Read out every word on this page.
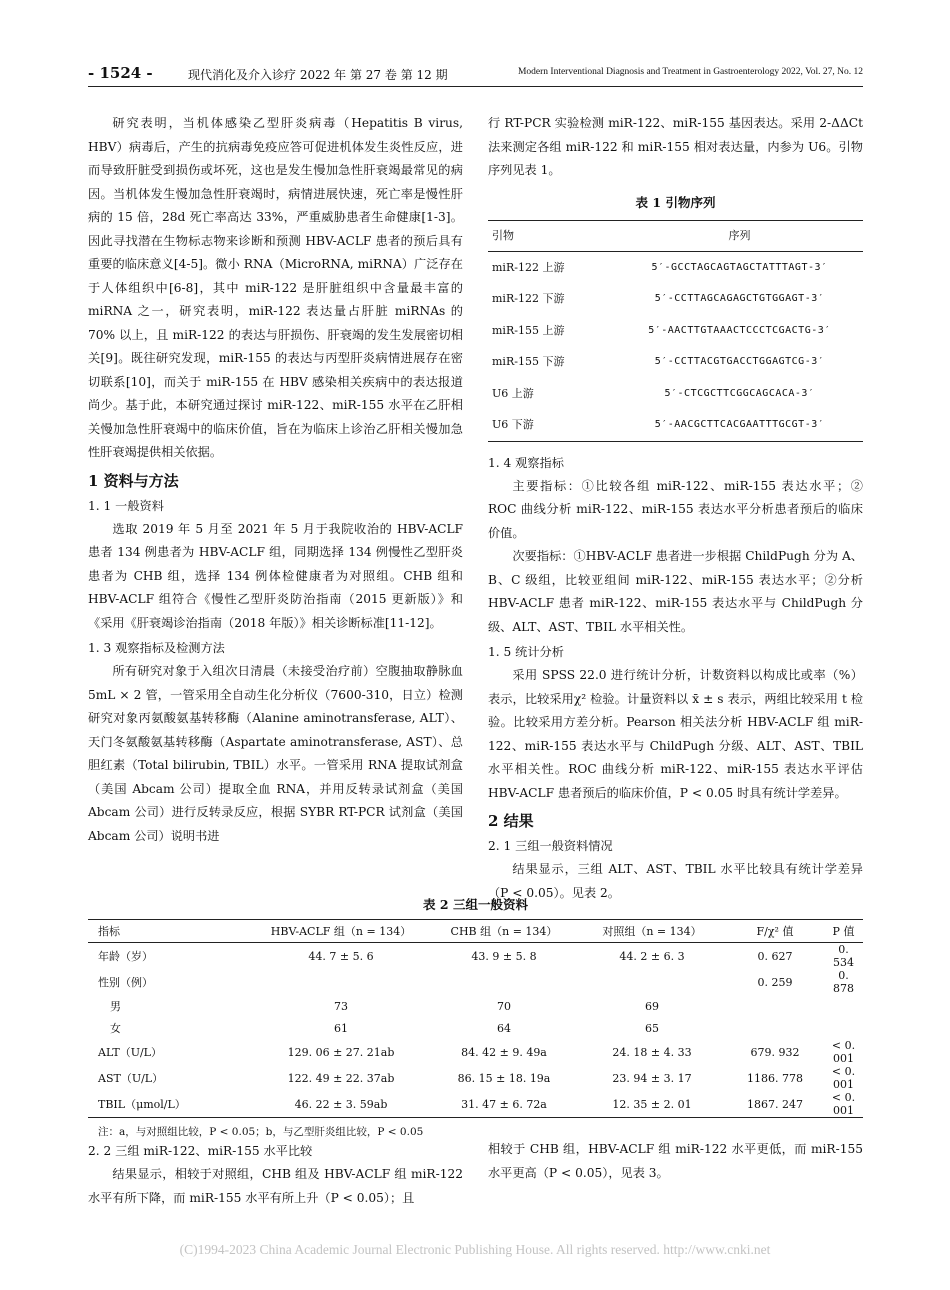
- 1524 -	现代消化及介入诊疗 2022 年 第 27 卷 第 12 期	Modern Interventional Diagnosis and Treatment in Gastroenterology 2022, Vol. 27, No. 12

研究表明，当机体感染乙型肝炎病毒（Hepatitis B virus, HBV）病毒后，产生的抗病毒免疫应答可促进机体发生炎性反应，进而导致肝脏受到损伤或坏死，这也是发生慢加急性肝衰竭最常见的病因。当机体发生慢加急性肝衰竭时，病情进展快速，死亡率是慢性肝病的 15 倍，28d 死亡率高达 33%，严重威胁患者生命健康[1-3]。因此寻找潜在生物标志物来诊断和预测 HBV-ACLF 患者的预后具有重要的临床意义[4-5]。微小 RNA（MicroRNA, miRNA）广泛存在于人体组织中[6-8]，其中 miR-122 是肝脏组织中含量最丰富的 miRNA 之一，研究表明，miR-122 表达量占肝脏 miRNAs 的 70% 以上，且 miR-122 的表达与肝损伤、肝衰竭的发生发展密切相关[9]。既往研究发现，miR-155 的表达与丙型肝炎病情进展存在密切联系[10]，而关于 miR-155 在 HBV 感染相关疾病中的表达报道尚少。基于此，本研究通过探讨 miR-122、miR-155 水平在乙肝相关慢加急性肝衰竭中的临床价值，旨在为临床上诊治乙肝相关慢加急性肝衰竭提供相关依据。

1 资料与方法
1. 1 一般资料

选取 2019 年 5 月至 2021 年 5 月于我院收治的 HBV-ACLF 患者 134 例患者为 HBV-ACLF 组，同期选择 134 例慢性乙型肝炎患者为 CHB 组，选择 134 例体检健康者为对照组。CHB 组和 HBV-ACLF 组符合《慢性乙型肝炎防治指南（2015 更新版）》和《采用《肝衰竭诊治指南（2018 年版）》相关诊断标准[11-12]。

1. 3 观察指标及检测方法

所有研究对象于入组次日清晨（未接受治疗前）空腹抽取静脉血 5mL × 2 管，一管采用全自动生化分析仪（7600-310，日立）检测研究对象丙氨酸氨基转移酶（Alanine aminotransferase, ALT）、天门冬氨酸氨基转移酶（Aspartate aminotransferase, AST）、总胆红素（Total bilirubin, TBIL）水平。一管采用 RNA 提取试剂盒（美国 Abcam 公司）提取全血 RNA，并用反转录试剂盒（美国 Abcam 公司）进行反转录反应，根据 SYBR RT-PCR 试剂盒（美国 Abcam 公司）说明书进

行 RT-PCR 实验检测 miR-122、miR-155 基因表达。采用 2-ΔΔCt 法来测定各组 miR-122 和 miR-155 相对表达量，内参为 U6。引物序列见表 1。

表 1 引物序列
引物	序列
miR-122 上游	5′-GCCTAGCAGTAGCTATTTAGT-3′
miR-122 下游	5′-CCTTAGCAGAGCTGTGGAGT-3′
miR-155 上游	5′-AACTTGTAAACTCCCTCGACTG-3′
miR-155 下游	5′-CCTTACGTGACCTGGAGTCG-3′
U6 上游	5′-CTCGCTTCGGCAGCACA-3′
U6 下游	5′-AACGCTTCACGAATTTGCGT-3′
1. 4 观察指标

主要指标：①比较各组 miR-122、miR-155 表达水平；② ROC 曲线分析 miR-122、miR-155 表达水平分析患者预后的临床价值。

次要指标：①HBV-ACLF 患者进一步根据 ChildPugh 分为 A、B、C 级组，比较亚组间 miR-122、miR-155 表达水平；②分析 HBV-ACLF 患者 miR-122、miR-155 表达水平与 ChildPugh 分级、ALT、AST、TBIL 水平相关性。

1. 5 统计分析

采用 SPSS 22.0 进行统计分析，计数资料以构成比或率（%）表示，比较采用χ² 检验。计量资料以 x̄ ± s 表示，两组比较采用 t 检验。比较采用方差分析。Pearson 相关法分析 HBV-ACLF 组 miR-122、miR-155 表达水平与 ChildPugh 分级、ALT、AST、TBIL 水平相关性。ROC 曲线分析 miR-122、miR-155 表达水平评估 HBV-ACLF 患者预后的临床价值，P < 0.05 时具有统计学差异。

2 结果
2. 1 三组一般资料情况

结果显示，三组 ALT、AST、TBIL 水平比较具有统计学差异（P < 0.05）。见表 2。

表 2 三组一般资料
指标	HBV-ACLF 组（n = 134）	CHB 组（n = 134）	对照组（n = 134）	F/χ² 值	P 值
年龄（岁）	44. 7 ± 5. 6	43. 9 ± 5. 8	44. 2 ± 6. 3	0. 627	0. 534
性别（例）				0. 259	0. 878
男	73	70	69		
女	61	64	65		
ALT（U/L）	129. 06 ± 27. 21ab	84. 42 ± 9. 49a	24. 18 ± 4. 33	679. 932	< 0. 001
AST（U/L）	122. 49 ± 22. 37ab	86. 15 ± 18. 19a	23. 94 ± 3. 17	1186. 778	< 0. 001
TBIL（μmol/L）	46. 22 ± 3. 59ab	31. 47 ± 6. 72a	12. 35 ± 2. 01	1867. 247	< 0. 001
注：a，与对照组比较，P < 0.05；b，与乙型肝炎组比较，P < 0.05
2. 2 三组 miR-122、miR-155 水平比较

结果显示，相较于对照组，CHB 组及 HBV-ACLF 组 miR-122 水平有所下降，而 miR-155 水平有所上升（P < 0.05）；且

相较于 CHB 组，HBV-ACLF 组 miR-122 水平更低，而 miR-155 水平更高（P < 0.05），见表 3。

(C)1994-2023 China Academic Journal Electronic Publishing House. All rights reserved. http://www.cnki.net
